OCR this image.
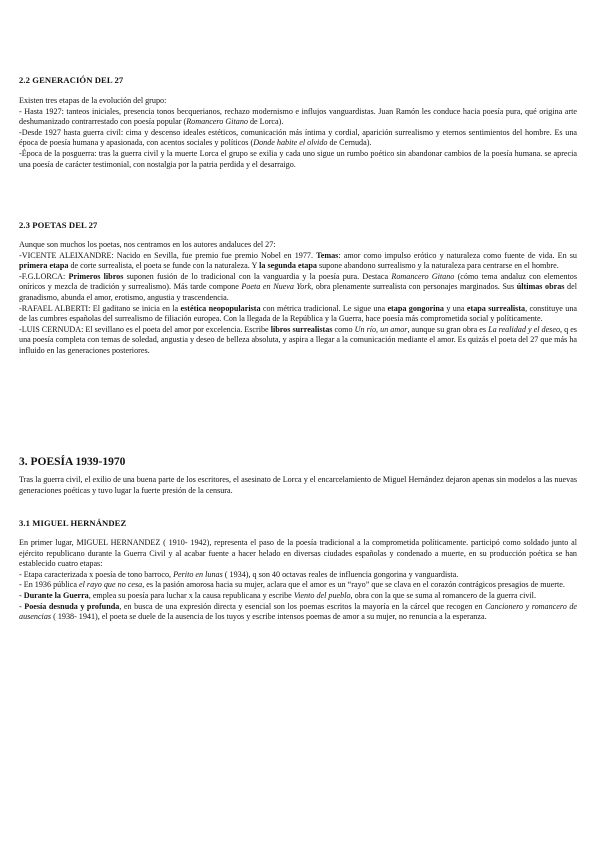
2.2 GENERACIÓN DEL 27

Existen tres etapas de la evolución del grupo:

- Hasta 1927: tanteos iniciales, presencia tonos becquerianos, rechazo modernismo e influjos vanguardistas. Juan Ramón les conduce hacia poesía pura, qué origina arte deshumanizado contrarrestado con poesía popular (Romancero Gitano de Lorca).

-Desde 1927 hasta guerra civil: cima y descenso ideales estéticos, comunicación más íntima y cordial, aparición surrealismo y eternos sentimientos del hombre. Es una época de poesía humana y apasionada, con acentos sociales y políticos (Donde habite el olvido de Cernuda).

-Época de la posguerra: tras la guerra civil y la muerte Lorca el grupo se exilia y cada uno sigue un rumbo poético sin abandonar cambios de la poesía humana. se aprecia una poesía de carácter testimonial, con nostalgia por la patria perdida y el desarraigo.

2.3 POETAS DEL 27

Aunque son muchos los poetas, nos centramos en los autores andaluces del 27:

-VICENTE ALEIXANDRE: Nacido en Sevilla, fue premio fue premio Nobel en 1977. Temas: amor como impulso erótico y naturaleza como fuente de vida. En su primera etapa de corte surrealista, el poeta se funde con la naturaleza. Y la segunda etapa supone abandono surrealismo y la naturaleza para centrarse en el hombre.

-F.G.LORCA: Primeros libros suponen fusión de lo tradicional con la vanguardia y la poesía pura. Destaca Romancero Gitano (cómo tema andaluz con elementos oníricos y mezcla de tradición y surrealismo). Más tarde compone Poeta en Nueva York, obra plenamente surrealista con personajes marginados. Sus últimas obras del granadismo, abunda el amor, erotismo, angustia y trascendencia.

-RAFAEL ALBERTI: El gaditano se inicia en la estética neopopularista con métrica tradicional. Le sigue una etapa gongorina y una etapa surrealista, constituye una de las cumbres españolas del surrealismo de filiación europea. Con la llegada de la República y la Guerra, hace poesía más comprometida social y políticamente.

-LUIS CERNUDA: El sevillano es el poeta del amor por excelencia. Escribe libros surrealistas como Un río, un amor, aunque su gran obra es La realidad y el deseo, q es una poesía completa con temas de soledad, angustia y deseo de belleza absoluta, y aspira a llegar a la comunicación mediante el amor. Es quizás el poeta del 27 que más ha influido en las generaciones posteriores.

3. POESÍA 1939-1970

Tras la guerra civil, el exilio de una buena parte de los escritores, el asesinato de Lorca y el encarcelamiento de Miguel Hernández dejaron apenas sin modelos a las nuevas generaciones poéticas y tuvo lugar la fuerte presión de la censura.

3.1 MIGUEL HERNÁNDEZ

En primer lugar, MIGUEL HERNANDEZ ( 1910- 1942), representa el paso de la poesía tradicional a la comprometida políticamente. participó como soldado junto al ejército republicano durante la Guerra Civil y al acabar fuente a hacer helado en diversas ciudades españolas y condenado a muerte, en su producción poética se han establecido cuatro etapas:

- Etapa caracterizada x poesía de tono barroco, Perito en lunas ( 1934), q son 40 octavas reales de influencia gongorina y vanguardista.

- En 1936 pública el rayo que no cesa, es la pasión amorosa hacia su mujer, aclara que el amor es un “rayo” que se clava en el corazón contrágicos presagios de muerte.

- Durante la Guerra, emplea su poesía para luchar x la causa republicana y escribe Viento del pueblo, obra con la que se suma al romancero de la guerra civil.

- Poesía desnuda y profunda, en busca de una expresión directa y esencial son los poemas escritos la mayoría en la cárcel que recogen en Cancionero y romancero de ausencias ( 1938- 1941), el poeta se duele de la ausencia de los tuyos y escribe intensos poemas de amor a su mujer, no renuncia a la esperanza.
